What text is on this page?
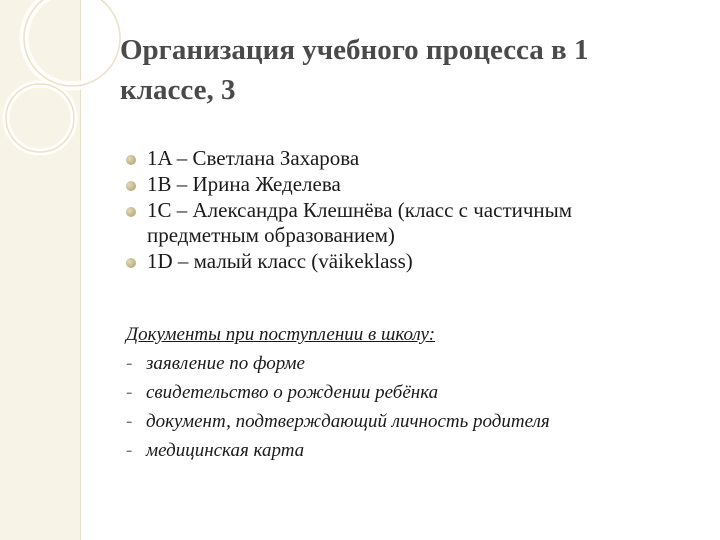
Организация учебного процесса в 1 классе, 3
1A – Светлана Захарова
1B – Ирина Жеделева
1C – Александра Клешнёва (класс с частичным предметным образованием)
1D – малый класс (väikeklass)
Документы при поступлении в школу:
- заявление по форме
- свидетельство о рождении ребёнка
- документ, подтверждающий личность родителя
- медицинская карта
